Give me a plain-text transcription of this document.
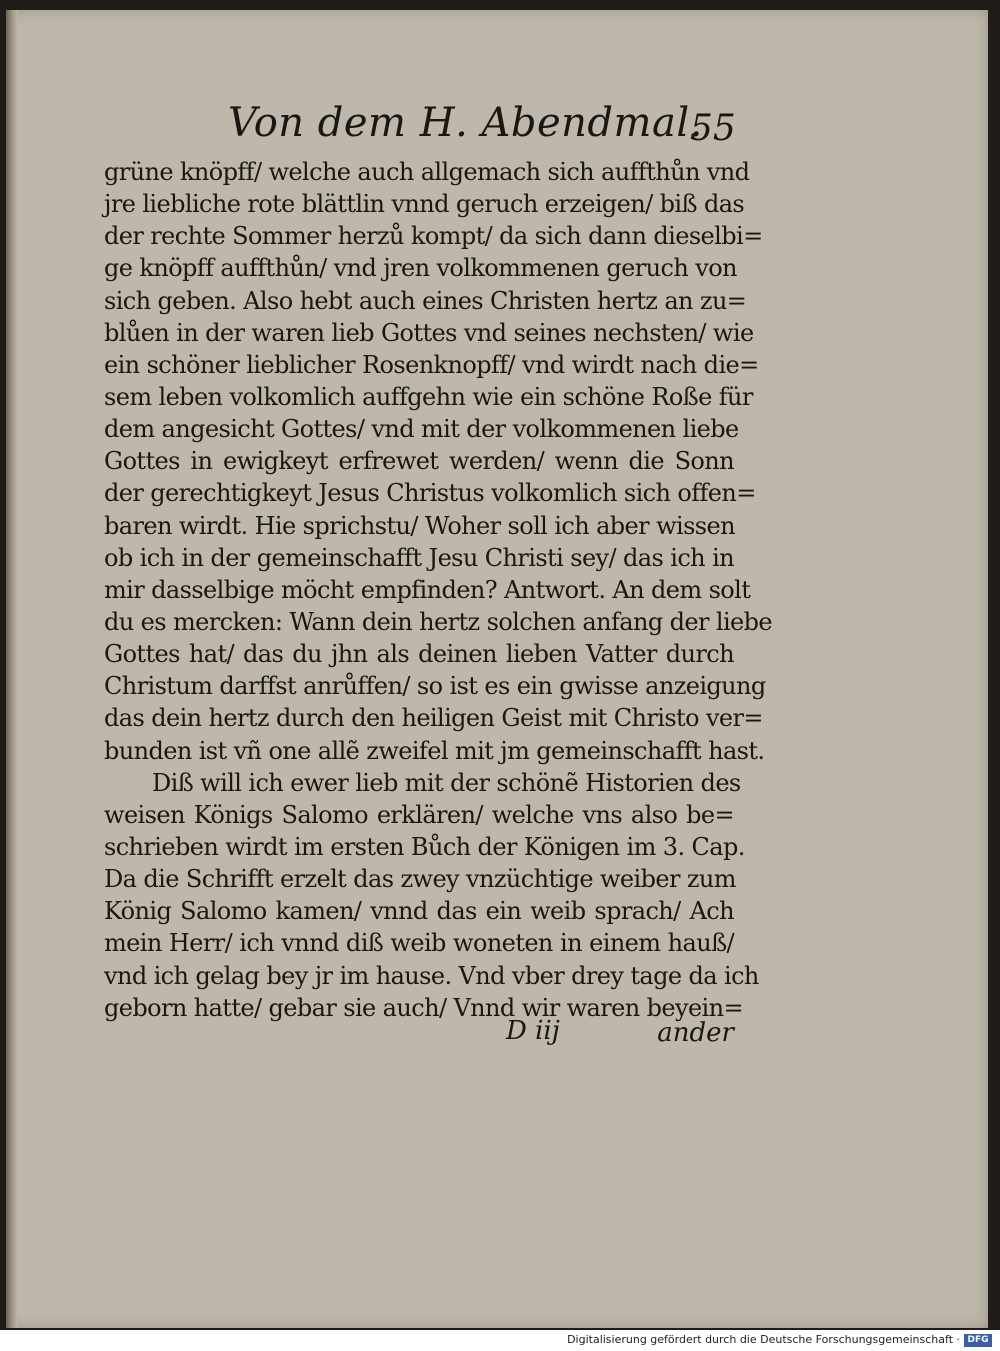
Von dem H. Abendmal.
55
grüne knöpff/ welche auch allgemach sich auffthůn vnd
jre liebliche rote blättlin vnnd geruch erzeigen/ biß das
der rechte Sommer herzů kompt/ da sich dann dieselbi=
ge knöpff auffthůn/ vnd jren volkommenen geruch von
sich geben. Also hebt auch eines Christen hertz an zu=
blůen in der waren lieb Gottes vnd seines nechsten/ wie
ein schöner lieblicher Rosenknopff/ vnd wirdt nach die=
sem leben volkomlich auffgehn wie ein schöne Roße für
dem angesicht Gottes/ vnd mit der volkommenen liebe
Gottes in ewigkeyt erfrewet werden/ wenn die Sonn
der gerechtigkeyt Jesus Christus volkomlich sich offen=
baren wirdt. Hie sprichstu/ Woher soll ich aber wissen
ob ich in der gemeinschafft Jesu Christi sey/ das ich in
mir dasselbige möcht empfinden? Antwort. An dem solt
du es mercken: Wann dein hertz solchen anfang der liebe
Gottes hat/ das du jhn als deinen lieben Vatter durch
Christum darffst anrůffen/ so ist es ein gwisse anzeigung
das dein hertz durch den heiligen Geist mit Christo ver=
bunden ist vñ one allẽ zweifel mit jm gemeinschafft hast.
Diß will ich ewer lieb mit der schönẽ Historien des
weisen Königs Salomo erklären/ welche vns also be=
schrieben wirdt im ersten Bůch der Königen im 3. Cap.
Da die Schrifft erzelt das zwey vnzüchtige weiber zum
König Salomo kamen/ vnnd das ein weib sprach/ Ach
mein Herr/ ich vnnd diß weib woneten in einem hauß/
vnd ich gelag bey jr im hause. Vnd vber drey tage da ich
geborn hatte/ gebar sie auch/ Vnnd wir waren beyein=
D iij	ander
Digitalisierung gefördert durch die Deutsche Forschungsgemeinschaft · DFG
